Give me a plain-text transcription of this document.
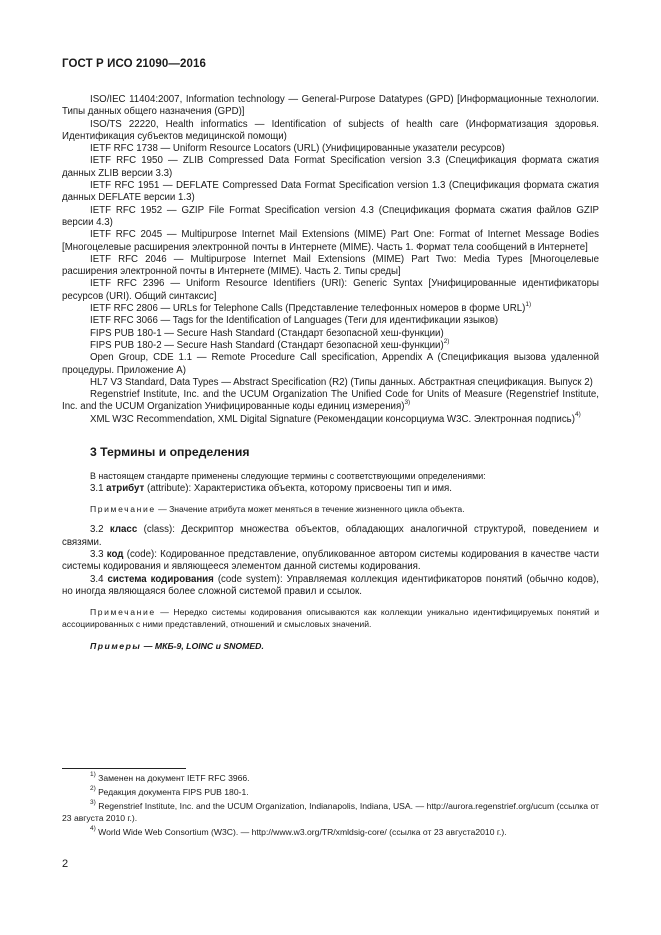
ГОСТ Р ИСО 21090—2016

ISO/IEC 11404:2007, Information technology — General-Purpose Datatypes (GPD) [Информационные технологии. Типы данных общего назначения (GPD)]

ISO/TS 22220, Health informatics — Identification of subjects of health care (Информатизация здоровья. Идентификация субъектов медицинской помощи)

IETF RFC 1738 — Uniform Resource Locators (URL) (Унифицированные указатели ресурсов)

IETF RFC 1950 — ZLIB Compressed Data Format Specification version 3.3 (Спецификация формата сжатия данных ZLIB версии 3.3)

IETF RFC 1951 — DEFLATE Compressed Data Format Specification version 1.3 (Спецификация формата сжатия данных DEFLATE версии 1.3)

IETF RFC 1952 — GZIP File Format Specification version 4.3 (Спецификация формата сжатия файлов GZIP версии 4.3)

IETF RFC 2045 — Multipurpose Internet Mail Extensions (MIME) Part One: Format of Internet Message Bodies [Многоцелевые расширения электронной почты в Интернете (MIME). Часть 1. Формат тела сообщений в Интернете]

IETF RFC 2046 — Multipurpose Internet Mail Extensions (MIME) Part Two: Media Types [Многоцелевые расширения электронной почты в Интернете (MIME). Часть 2. Типы среды]

IETF RFC 2396 — Uniform Resource Identifiers (URI): Generic Syntax [Унифицированные идентификаторы ресурсов (URI). Общий синтаксис]

IETF RFC 2806 — URLs for Telephone Calls (Представление телефонных номеров в форме URL)$^{1)}$

IETF RFC 3066 — Tags for the Identification of Languages (Теги для идентификации языков)

FIPS PUB 180-1 — Secure Hash Standard (Стандарт безопасной хеш-функции)

FIPS PUB 180-2 — Secure Hash Standard (Стандарт безопасной хеш-функции)$^{2)}$

Open Group, CDE 1.1 — Remote Procedure Call specification, Appendix A (Спецификация вызова удаленной процедуры. Приложение А)

HL7 V3 Standard, Data Types — Abstract Specification (R2) (Типы данных. Абстрактная спецификация. Выпуск 2)

Regenstrief Institute, Inc. and the UCUM Organization The Unified Code for Units of Measure (Regenstrief Institute, Inc. and the UCUM Organization Унифицированные коды единиц измерения)$^{3)}$

XML W3C Recommendation, XML Digital Signature (Рекомендации консорциума W3C. Электронная подпись)$^{4)}$

3 Термины и определения

В настоящем стандарте применены следующие термины с соответствующими определениями:

3.1 атрибут (attribute): Характеристика объекта, которому присвоены тип и имя.

Примечание — Значение атрибута может меняться в течение жизненного цикла объекта.

3.2 класс (class): Дескриптор множества объектов, обладающих аналогичной структурой, поведением и связями.

3.3 код (code): Кодированное представление, опубликованное автором системы кодирования в качестве части системы кодирования и являющееся элементом данной системы кодирования.

3.4 система кодирования (code system): Управляемая коллекция идентификаторов понятий (обычно кодов), но иногда являющаяся более сложной системой правил и ссылок.

Примечание — Нередко системы кодирования описываются как коллекции уникально идентифицируемых понятий и ассоциированных с ними представлений, отношений и смысловых значений.

Примеры — МКБ-9, LOINC и SNOMED.

$^{1)}$ Заменен на документ IETF RFC 3966.

$^{2)}$ Редакция документа FIPS PUB 180-1.

$^{3)}$ Regenstrief Institute, Inc. and the UCUM Organization, Indianapolis, Indiana, USA. — http://aurora.regenstrief.org/ucum (ссылка от 23 августа 2010 г.).

$^{4)}$ World Wide Web Consortium (W3C). — http://www.w3.org/TR/xmldsig-core/ (ссылка от 23 августа2010 г.).

2
